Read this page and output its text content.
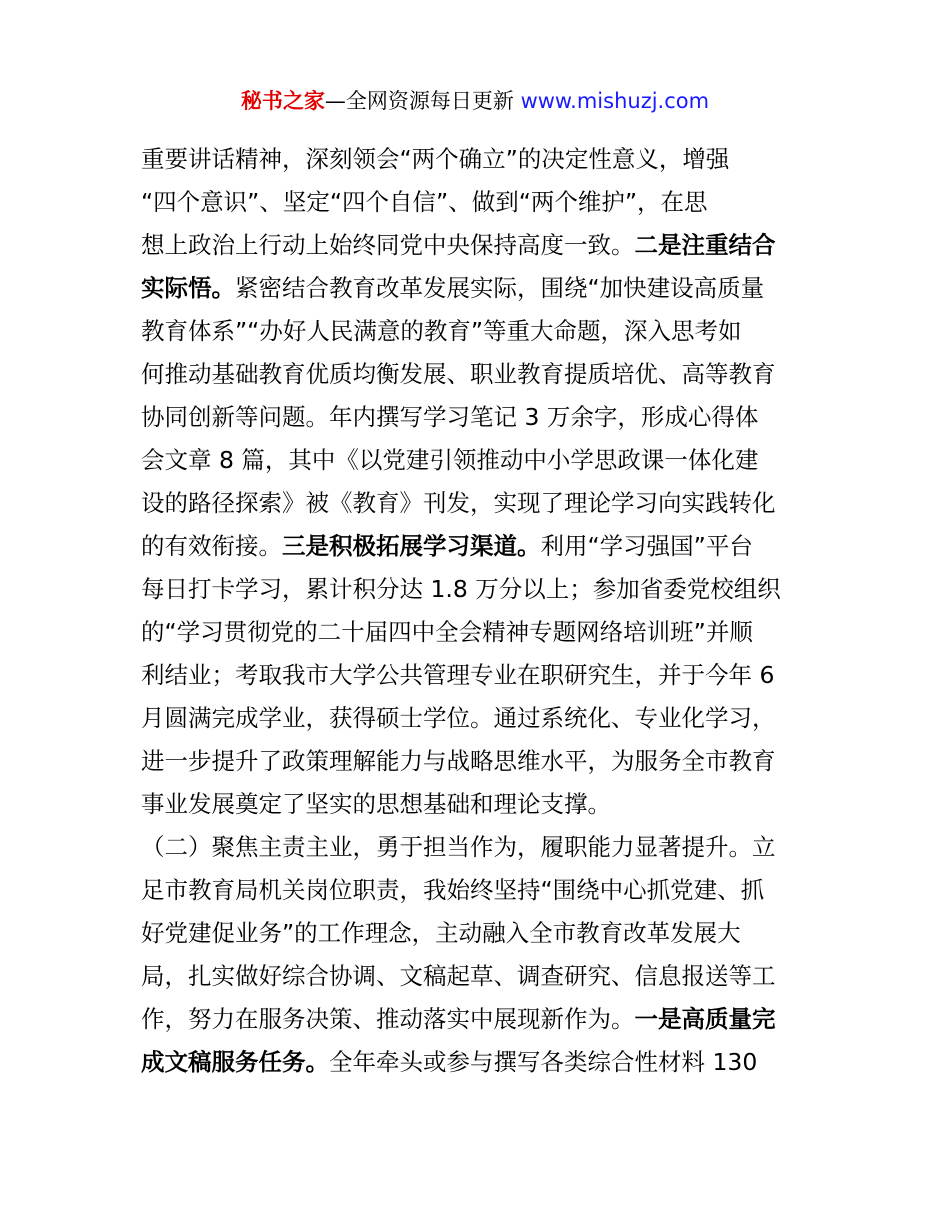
秘书之家—全网资源每日更新 www.mishuzj.com
重要讲话精神，深刻领会“两个确立”的决定性意义，增强
“四个意识”、坚定“四个自信”、做到“两个维护”，在思
想上政治上行动上始终同党中央保持高度一致。二是注重结合
实际悟。紧密结合教育改革发展实际，围绕“加快建设高质量
教育体系”“办好人民满意的教育”等重大命题，深入思考如
何推动基础教育优质均衡发展、职业教育提质培优、高等教育
协同创新等问题。年内撰写学习笔记 3 万余字，形成心得体
会文章 8 篇，其中《以党建引领推动中小学思政课一体化建
设的路径探索》被《教育》刊发，实现了理论学习向实践转化
的有效衔接。三是积极拓展学习渠道。利用“学习强国”平台
每日打卡学习，累计积分达 1.8 万分以上；参加省委党校组织
的“学习贯彻党的二十届四中全会精神专题网络培训班”并顺
利结业；考取我市大学公共管理专业在职研究生，并于今年 6
月圆满完成学业，获得硕士学位。通过系统化、专业化学习，
进一步提升了政策理解能力与战略思维水平，为服务全市教育
事业发展奠定了坚实的思想基础和理论支撑。
（二）聚焦主责主业，勇于担当作为，履职能力显著提升。立
足市教育局机关岗位职责，我始终坚持“围绕中心抓党建、抓
好党建促业务”的工作理念，主动融入全市教育改革发展大
局，扎实做好综合协调、文稿起草、调查研究、信息报送等工
作，努力在服务决策、推动落实中展现新作为。一是高质量完
成文稿服务任务。全年牵头或参与撰写各类综合性材料 130
